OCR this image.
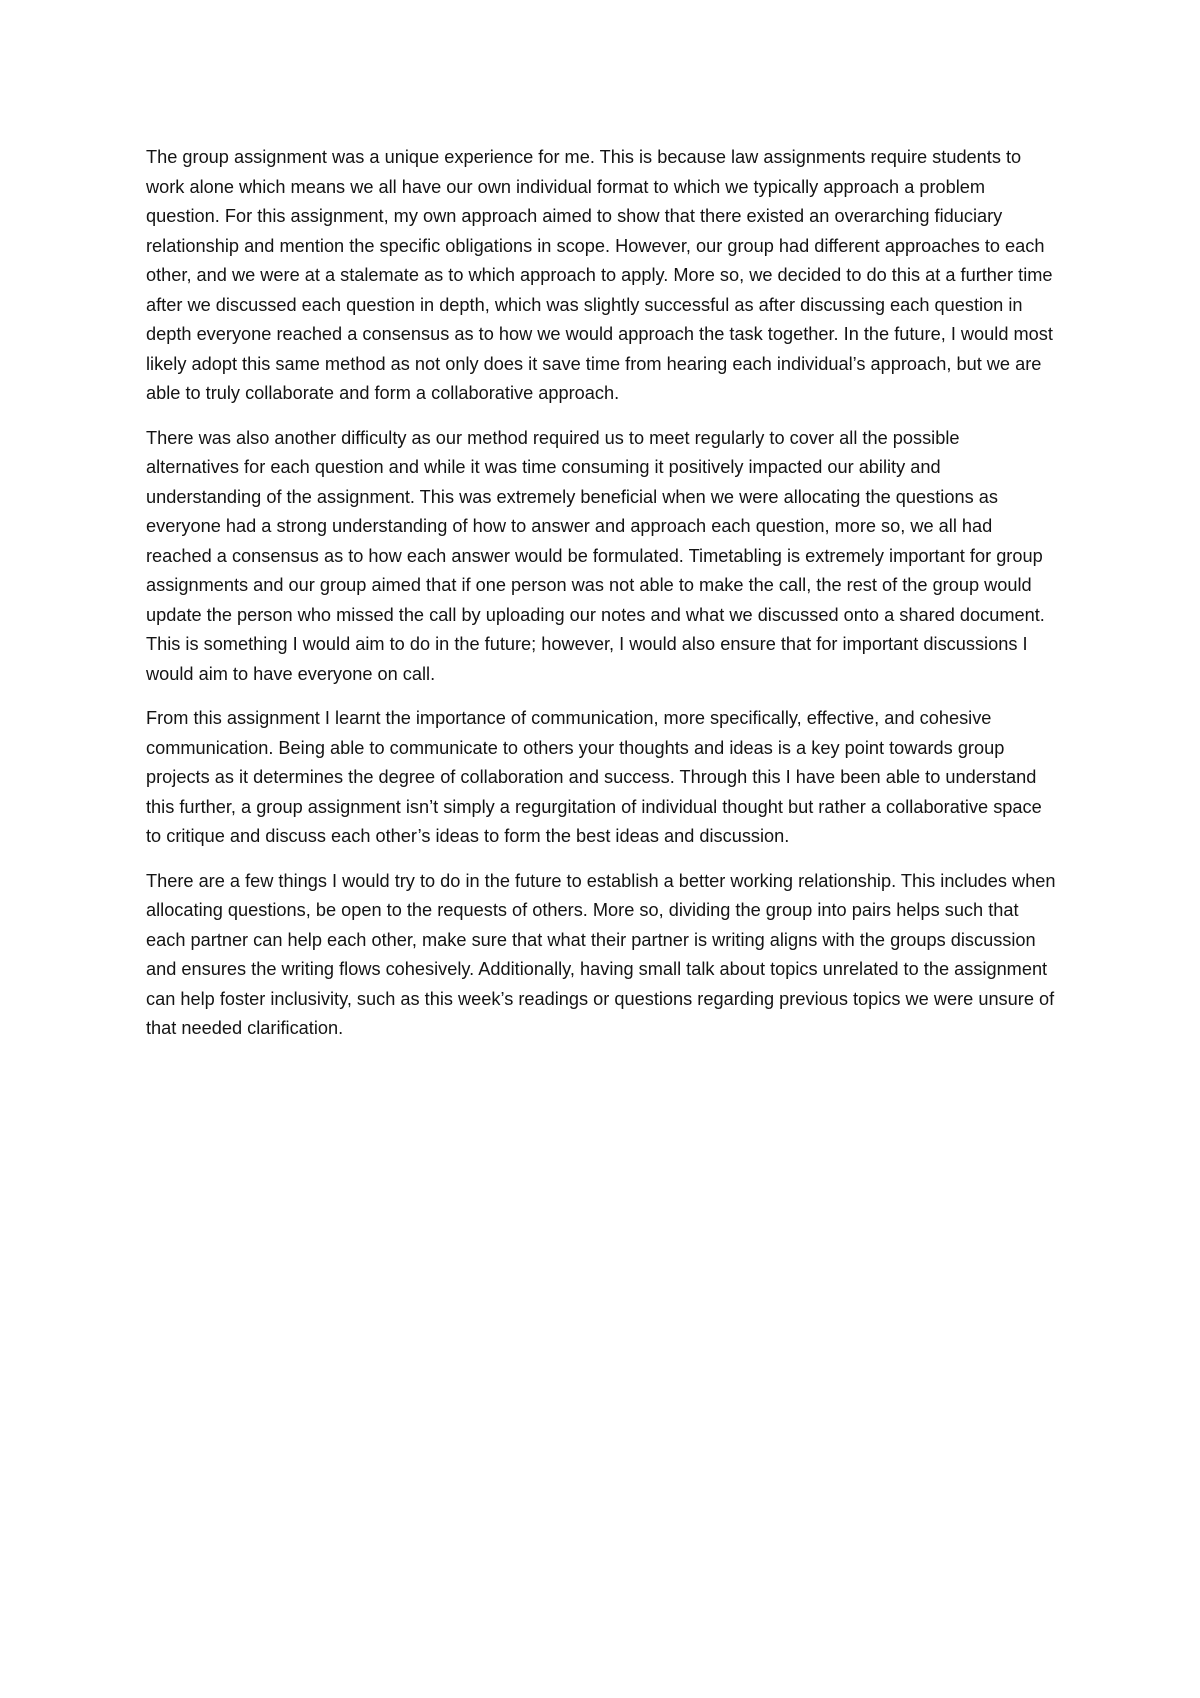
The group assignment was a unique experience for me. This is because law assignments require students to work alone which means we all have our own individual format to which we typically approach a problem question. For this assignment, my own approach aimed to show that there existed an overarching fiduciary relationship and mention the specific obligations in scope. However, our group had different approaches to each other, and we were at a stalemate as to which approach to apply. More so, we decided to do this at a further time after we discussed each question in depth, which was slightly successful as after discussing each question in depth everyone reached a consensus as to how we would approach the task together. In the future, I would most likely adopt this same method as not only does it save time from hearing each individual’s approach, but we are able to truly collaborate and form a collaborative approach.

There was also another difficulty as our method required us to meet regularly to cover all the possible alternatives for each question and while it was time consuming it positively impacted our ability and understanding of the assignment. This was extremely beneficial when we were allocating the questions as everyone had a strong understanding of how to answer and approach each question, more so, we all had reached a consensus as to how each answer would be formulated. Timetabling is extremely important for group assignments and our group aimed that if one person was not able to make the call, the rest of the group would update the person who missed the call by uploading our notes and what we discussed onto a shared document. This is something I would aim to do in the future; however, I would also ensure that for important discussions I would aim to have everyone on call.

From this assignment I learnt the importance of communication, more specifically, effective, and cohesive communication. Being able to communicate to others your thoughts and ideas is a key point towards group projects as it determines the degree of collaboration and success. Through this I have been able to understand this further, a group assignment isn’t simply a regurgitation of individual thought but rather a collaborative space to critique and discuss each other’s ideas to form the best ideas and discussion.

There are a few things I would try to do in the future to establish a better working relationship. This includes when allocating questions, be open to the requests of others. More so, dividing the group into pairs helps such that each partner can help each other, make sure that what their partner is writing aligns with the groups discussion and ensures the writing flows cohesively. Additionally, having small talk about topics unrelated to the assignment can help foster inclusivity, such as this week’s readings or questions regarding previous topics we were unsure of that needed clarification.
